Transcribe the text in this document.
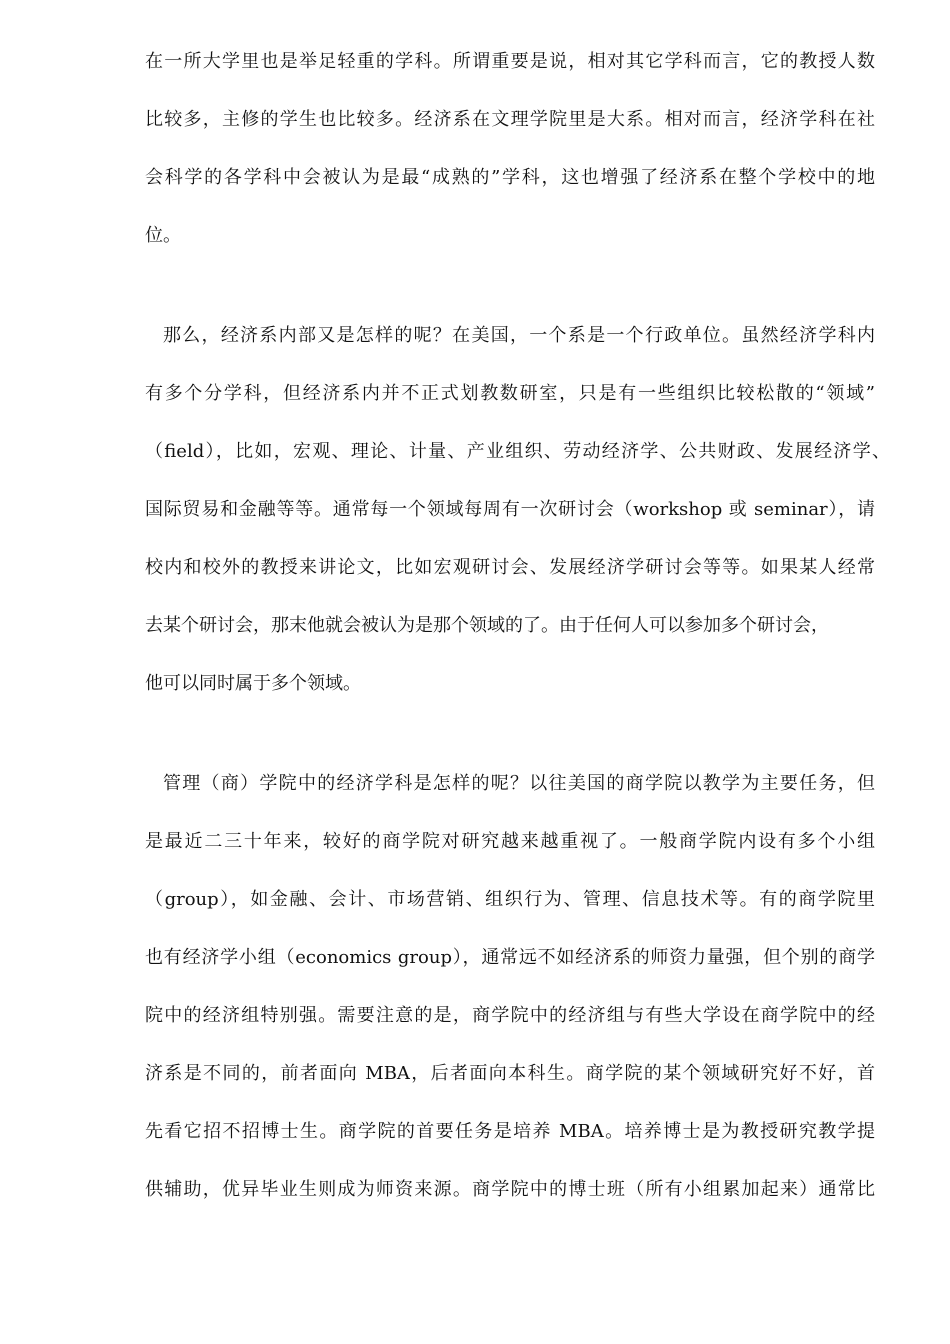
在一所大学里也是举足轻重的学科。所谓重要是说，相对其它学科而言，它的教授人数
比较多，主修的学生也比较多。经济系在文理学院里是大系。相对而言，经济学科在社
会科学的各学科中会被认为是最“成熟的”学科，这也增强了经济系在整个学校中的地
位。
那么，经济系内部又是怎样的呢？在美国，一个系是一个行政单位。虽然经济学科内
有多个分学科，但经济系内并不正式划教数研室，只是有一些组织比较松散的“领域”
（field），比如，宏观、理论、计量、产业组织、劳动经济学、公共财政、发展经济学、
国际贸易和金融等等。通常每一个领域每周有一次研讨会（workshop 或 seminar），请
校内和校外的教授来讲论文，比如宏观研讨会、发展经济学研讨会等等。如果某人经常
去某个研讨会，那末他就会被认为是那个领域的了。由于任何人可以参加多个研讨会，
他可以同时属于多个领域。
管理（商）学院中的经济学科是怎样的呢？以往美国的商学院以教学为主要任务，但
是最近二三十年来，较好的商学院对研究越来越重视了。一般商学院内设有多个小组
（group），如金融、会计、市场营销、组织行为、管理、信息技术等。有的商学院里
也有经济学小组（economics group），通常远不如经济系的师资力量强，但个别的商学
院中的经济组特别强。需要注意的是，商学院中的经济组与有些大学设在商学院中的经
济系是不同的，前者面向 MBA，后者面向本科生。商学院的某个领域研究好不好，首
先看它招不招博士生。商学院的首要任务是培养 MBA。培养博士是为教授研究教学提
供辅助，优异毕业生则成为师资来源。商学院中的博士班（所有小组累加起来）通常比
